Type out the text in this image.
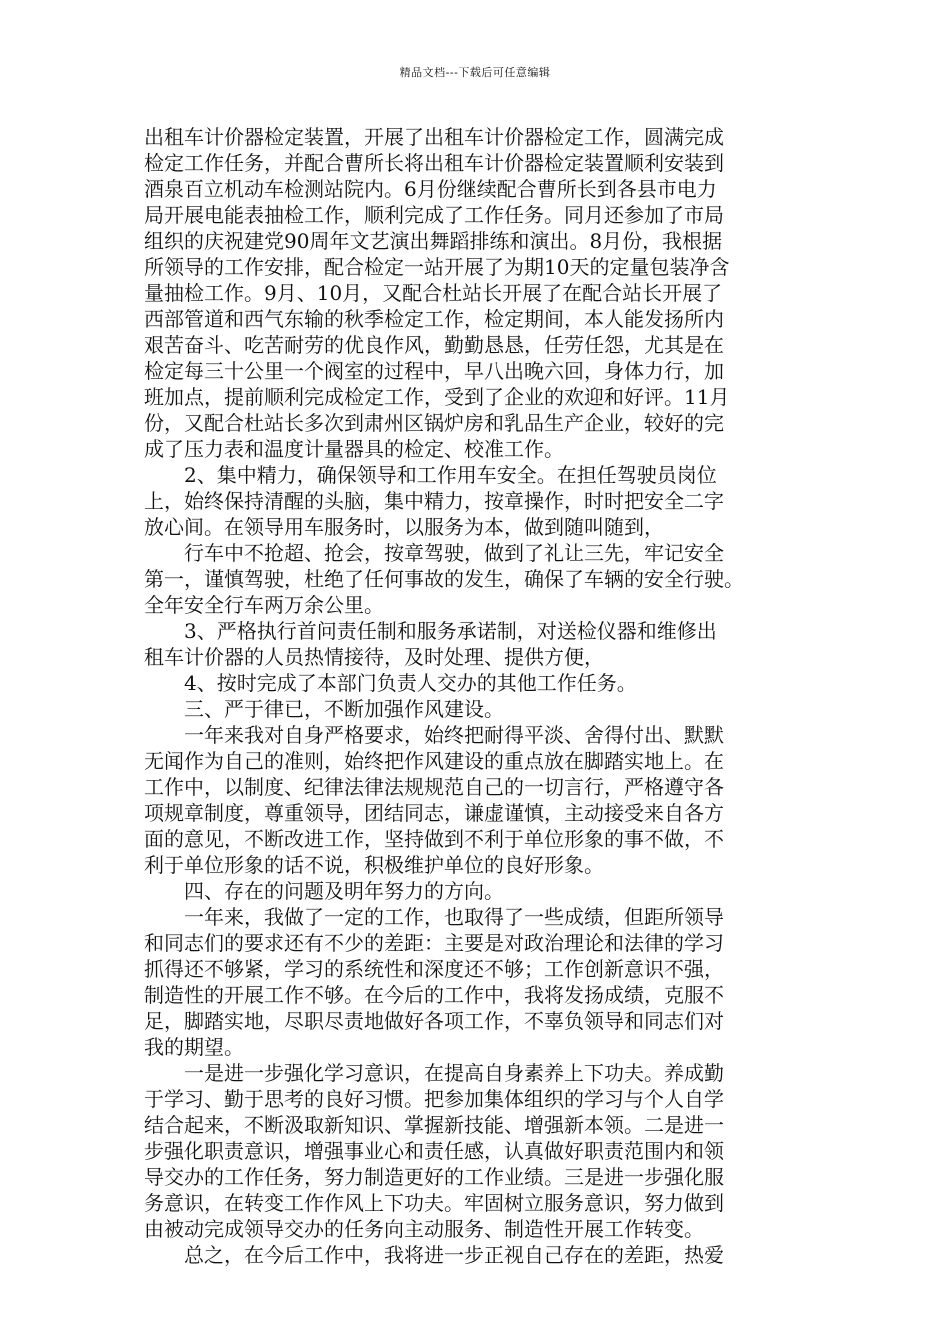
精品文档---下载后可任意编辑
出租车计价器检定装置，开展了出租车计价器检定工作，圆满完成
检定工作任务，并配合曹所长将出租车计价器检定装置顺利安装到
酒泉百立机动车检测站院内。6月份继续配合曹所长到各县市电力
局开展电能表抽检工作，顺利完成了工作任务。同月还参加了市局
组织的庆祝建党90周年文艺演出舞蹈排练和演出。8月份，我根据
所领导的工作安排，配合检定一站开展了为期10天的定量包装净含
量抽检工作。9月、10月，又配合杜站长开展了在配合站长开展了
西部管道和西气东输的秋季检定工作，检定期间，本人能发扬所内
艰苦奋斗、吃苦耐劳的优良作风，勤勤恳恳，任劳任怨，尤其是在
检定每三十公里一个阀室的过程中，早八出晚六回，身体力行，加
班加点，提前顺利完成检定工作，受到了企业的欢迎和好评。11月
份，又配合杜站长多次到肃州区锅炉房和乳品生产企业，较好的完
成了压力表和温度计量器具的检定、校准工作。
　　2、集中精力，确保领导和工作用车安全。在担任驾驶员岗位
上，始终保持清醒的头脑，集中精力，按章操作，时时把安全二字
放心间。在领导用车服务时，以服务为本，做到随叫随到，
　　行车中不抢超、抢会，按章驾驶，做到了礼让三先，牢记安全
第一，谨慎驾驶，杜绝了任何事故的发生，确保了车辆的安全行驶。
全年安全行车两万余公里。
　　3、严格执行首问责任制和服务承诺制，对送检仪器和维修出
租车计价器的人员热情接待，及时处理、提供方便，
　　4、按时完成了本部门负责人交办的其他工作任务。
　　三、严于律已，不断加强作风建设。
　　一年来我对自身严格要求，始终把耐得平淡、舍得付出、默默
无闻作为自己的准则，始终把作风建设的重点放在脚踏实地上。在
工作中，以制度、纪律法律法规规范自己的一切言行，严格遵守各
项规章制度，尊重领导，团结同志，谦虚谨慎，主动接受来自各方
面的意见，不断改进工作，坚持做到不利于单位形象的事不做，不
利于单位形象的话不说，积极维护单位的良好形象。
　　四、存在的问题及明年努力的方向。
　　一年来，我做了一定的工作，也取得了一些成绩，但距所领导
和同志们的要求还有不少的差距：主要是对政治理论和法律的学习
抓得还不够紧，学习的系统性和深度还不够；工作创新意识不强，
制造性的开展工作不够。在今后的工作中，我将发扬成绩，克服不
足，脚踏实地，尽职尽责地做好各项工作，不辜负领导和同志们对
我的期望。
　　一是进一步强化学习意识，在提高自身素养上下功夫。养成勤
于学习、勤于思考的良好习惯。把参加集体组织的学习与个人自学
结合起来，不断汲取新知识、掌握新技能、增强新本领。二是进一
步强化职责意识，增强事业心和责任感，认真做好职责范围内和领
导交办的工作任务，努力制造更好的工作业绩。三是进一步强化服
务意识，在转变工作作风上下功夫。牢固树立服务意识，努力做到
由被动完成领导交办的任务向主动服务、制造性开展工作转变。
　　总之，在今后工作中，我将进一步正视自己存在的差距，热爱
